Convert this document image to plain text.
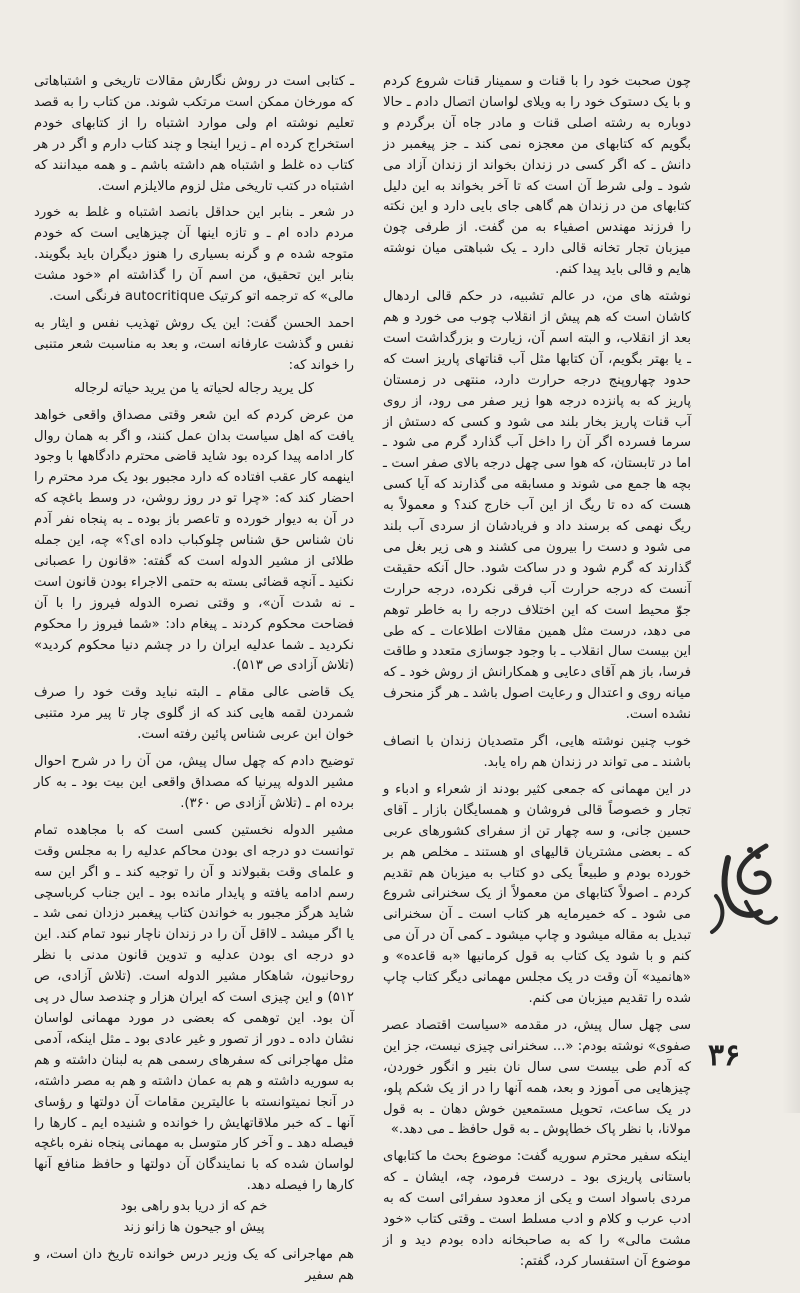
چون صحبت خود را با قنات و سمینار قنات شروع کردم و با یک دستوک خود را به ویلای لواسان اتصال دادم ـ حالا دوباره به رشته اصلی قنات و مادر جاه آن برگردم و بگویم که کتابهای من معجزه نمی کند ـ جز پیغمبر دز دانش ـ که اگر کسی در زندان بخواند از زندان آزاد می شود ـ ولی شرط آن است که تا آخر بخواند به این دلیل کتابهای من در زندان هم گاهی جای بایی دارد و این نکته را فرزند مهندس اصفیاء به من گفت. از طرفی چون میزبان تجار تخانه قالی دارد ـ یک شباهتی میان نوشته هایم و قالی باید پیدا کنم.

نوشته های من، در عالم تشبیه، در حکم قالی اردهال کاشان است که هم پیش از انقلاب چوب می خورد و هم بعد از انقلاب، و البته اسم آن، زیارت و بزرگداشت است ـ یا بهتر بگویم، آن کتابها مثل آب قناتهای پاریز است که حدود چهاروپنج درجه حرارت دارد، منتهی در زمستان پاریز که به پانزده درجه هوا زیر صفر می رود، از روی آب قنات پاریز بخار بلند می شود و کسی که دستش از سرما فسرده اگر آن را داخل آب گذارد گرم می شود ـ اما در تابستان، که هوا سی چهل درجه بالای صفر است ـ بچه ها جمع می شوند و مسابقه می گذارند که آیا کسی هست که ده تا ریگ از این آب خارج کند؟ و معمولاً به ریگ نهمی که برسند داد و فریادشان از سردی آب بلند می شود و دست را بیرون می کشند و هی زیر بغل می گذارند که گرم شود و در ساکت شود. حال آنکه حقیقت آنست که درجه حرارت آب فرقی نکرده، درجه حرارت جوّ محیط است که این اختلاف درجه را به خاطر توهم می دهد، درست مثل همین مقالات اطلاعات ـ که طی این بیست سال انقلاب ـ با وجود جوسازی متعدد و طاقت فرسا، باز هم آقای دعایی و همکارانش از روش خود ـ که میانه روی و اعتدال و رعایت اصول باشد ـ هر گز منحرف نشده است.

خوب چنین نوشته هایی، اگر متصدیان زندان با انصاف باشند ـ می تواند در زندان هم راه یابد.

در این مهمانی که جمعی کثیر بودند از شعراء و ادباء و تجار و خصوصاً قالی فروشان و همسایگان بازار ـ آقای حسین جانی، و سه چهار تن از سفرای کشورهای عربی که ـ بعضی مشتریان قالیهای او هستند ـ مخلص هم بر خورده بودم و طبیعاً یکی دو کتاب به میزبان هم تقدیم کردم ـ اصولاً کتابهای من معمولاً از یک سخنرانی شروع می شود ـ که خمیرمایه هر کتاب است ـ آن سخنرانی تبدیل به مقاله میشود و چاپ میشود ـ کمی آن در آن می کنم و با شود یک کتاب به قول کرمانیها «به قاعده» و «هانمید» آن وقت در یک مجلس مهمانی دیگر کتاب چاپ شده را تقدیم میزبان می کنم.

سی چهل سال پیش، در مقدمه «سیاست اقتصاد عصر صفوی» نوشته بودم: «... سخنرانی چیزی نیست، جز این که آدم طی بیست سی سال نان بنیر و انگور خوردن، چیزهایی می آموزد و بعد، همه آنها را در از یک شکم پلو، در یک ساعت، تحویل مستمعین خوش دهان ـ به قول مولانا، با نظر پاک خطاپوش ـ به قول حافظ ـ می دهد.»

اینکه سفیر محترم سوریه گفت: موضوع بحث ما کتابهای باستانی پاریزی بود ـ درست فرمود، چه، ایشان ـ که مردی باسواد است و یکی از معدود سفرائی است که به ادب عرب و کلام و ادب مسلط است ـ وقتی کتاب «خود مشت مالی» را که به صاحبخانه داده بودم دید و از موضوع آن استفسار کرد، گفتم:

ـ کتابی است در روش نگارش مقالات تاریخی و اشتباهاتی که مورخان ممکن است مرتکب شوند. من کتاب را به قصد تعلیم نوشته ام ولی موارد اشتباه را از کتابهای خودم استخراج کرده ام ـ زیرا اینجا و چند کتاب دارم و اگر در هر کتاب ده غلط و اشتباه هم داشته باشم ـ و همه میدانند که اشتباه در کتب تاریخی مثل لزوم مالایلزم است.

در شعر ـ بنابر این حداقل بانصد اشتباه و غلط به خورد مردم داده ام ـ و تازه اینها آن چیزهایی است که خودم متوجه شده م و گرنه بسیاری را هنوز دیگران باید بگویند. بنابر این تحقیق، من اسم آن را گذاشته ام «خود مشت مالی» که ترجمه اتو کرتیک autocritique فرنگی است.

احمد الحسن گفت: این یک روش تهذیب نفس و ایثار به نفس و گذشت عارفانه است، و بعد به مناسبت شعر متنبی را خواند که:

کل یرید رجاله لحیاته
یا من یرید حیاته لرجاله

من عرض کردم که این شعر وقتی مصداق واقعی خواهد یافت که اهل سیاست بدان عمل کنند، و اگر به همان روال کار ادامه پیدا کرده بود شاید قاضی محترم دادگاهها با وجود اینهمه کار عقب افتاده که دارد مجبور بود یک مرد محترم را احضار کند که: «چرا تو در روز روشن، در وسط باغچه که در آن به دیوار خورده و تاعصر باز بوده ـ به پنجاه نفر آدم نان شناس حق شناس چلوکباب داده ای؟» چه، این جمله طلائی از مشیر الدوله است که گفته: «قانون را عصبانی نکنید ـ آنچه قضائی بسته به حتمی الاجراء بودن قانون است ـ نه شدت آن»، و وقتی نصره الدوله فیروز را با آن فضاحت محکوم کردند ـ پیغام داد: «شما فیروز را محکوم نکردید ـ شما عدلیه ایران را در چشم دنیا محکوم کردید» (تلاش آزادی ص ۵۱۳).

یک قاضی عالی مقام ـ البته نباید وقت خود را صرف شمردن لقمه هایی کند که از گلوی چار تا پیر مرد متنبی خوان ابن عربی شناس پائین رفته است.

توضیح دادم که چهل سال پیش، من آن را در شرح احوال مشیر الدوله پیرنیا که مصداق واقعی این بیت بود ـ به کار برده ام ـ (تلاش آزادی ص ۳۶۰).

مشیر الدوله نخستین کسی است که با مجاهده تمام توانست دو درجه ای بودن محاکم عدلیه را به مجلس وقت و علمای وقت بقبولاند و آن را توجیه کند ـ و اگر این سه رسم ادامه یافته و پایدار مانده بود ـ این جناب کرباسچی شاید هرگز مجبور به خواندن کتاب پیغمبر دزدان نمی شد ـ یا اگر میشد ـ لااقل آن را در زندان ناچار نبود تمام کند. این دو درجه ای بودن عدلیه و تدوین قانون مدنی با نظر روحانیون، شاهکار مشیر الدوله است. (تلاش آزادی، ص ۵۱۲) و این چیزی است که ایران هزار و چندصد سال در پی آن بود. این توهمی که بعضی در مورد مهمانی لواسان نشان داده ـ دور از تصور و غیر عادی بود ـ مثل اینکه، آدمی مثل مهاجرانی که سفرهای رسمی هم به لبنان داشته و هم به سوریه داشته و هم به عمان داشته و هم به مصر داشته، در آنجا نمیتوانسته با عالیترین مقامات آن دولتها و رؤسای آنها ـ که خبر ملاقاتهایش را خوانده و شنیده ایم ـ کارها را فیصله دهد ـ و آخر کار متوسل به مهمانی پنجاه نفره باغچه لواسان شده که با نمایندگان آن دولتها و حافظ منافع آنها کارها را فیصله دهد.

خم که از دریا بدو راهی بود

پیش او جیحون ها زانو زند

هم مهاجرانی که یک وزیر درس خوانده تاریخ دان است، و هم سفیر

۳۶
